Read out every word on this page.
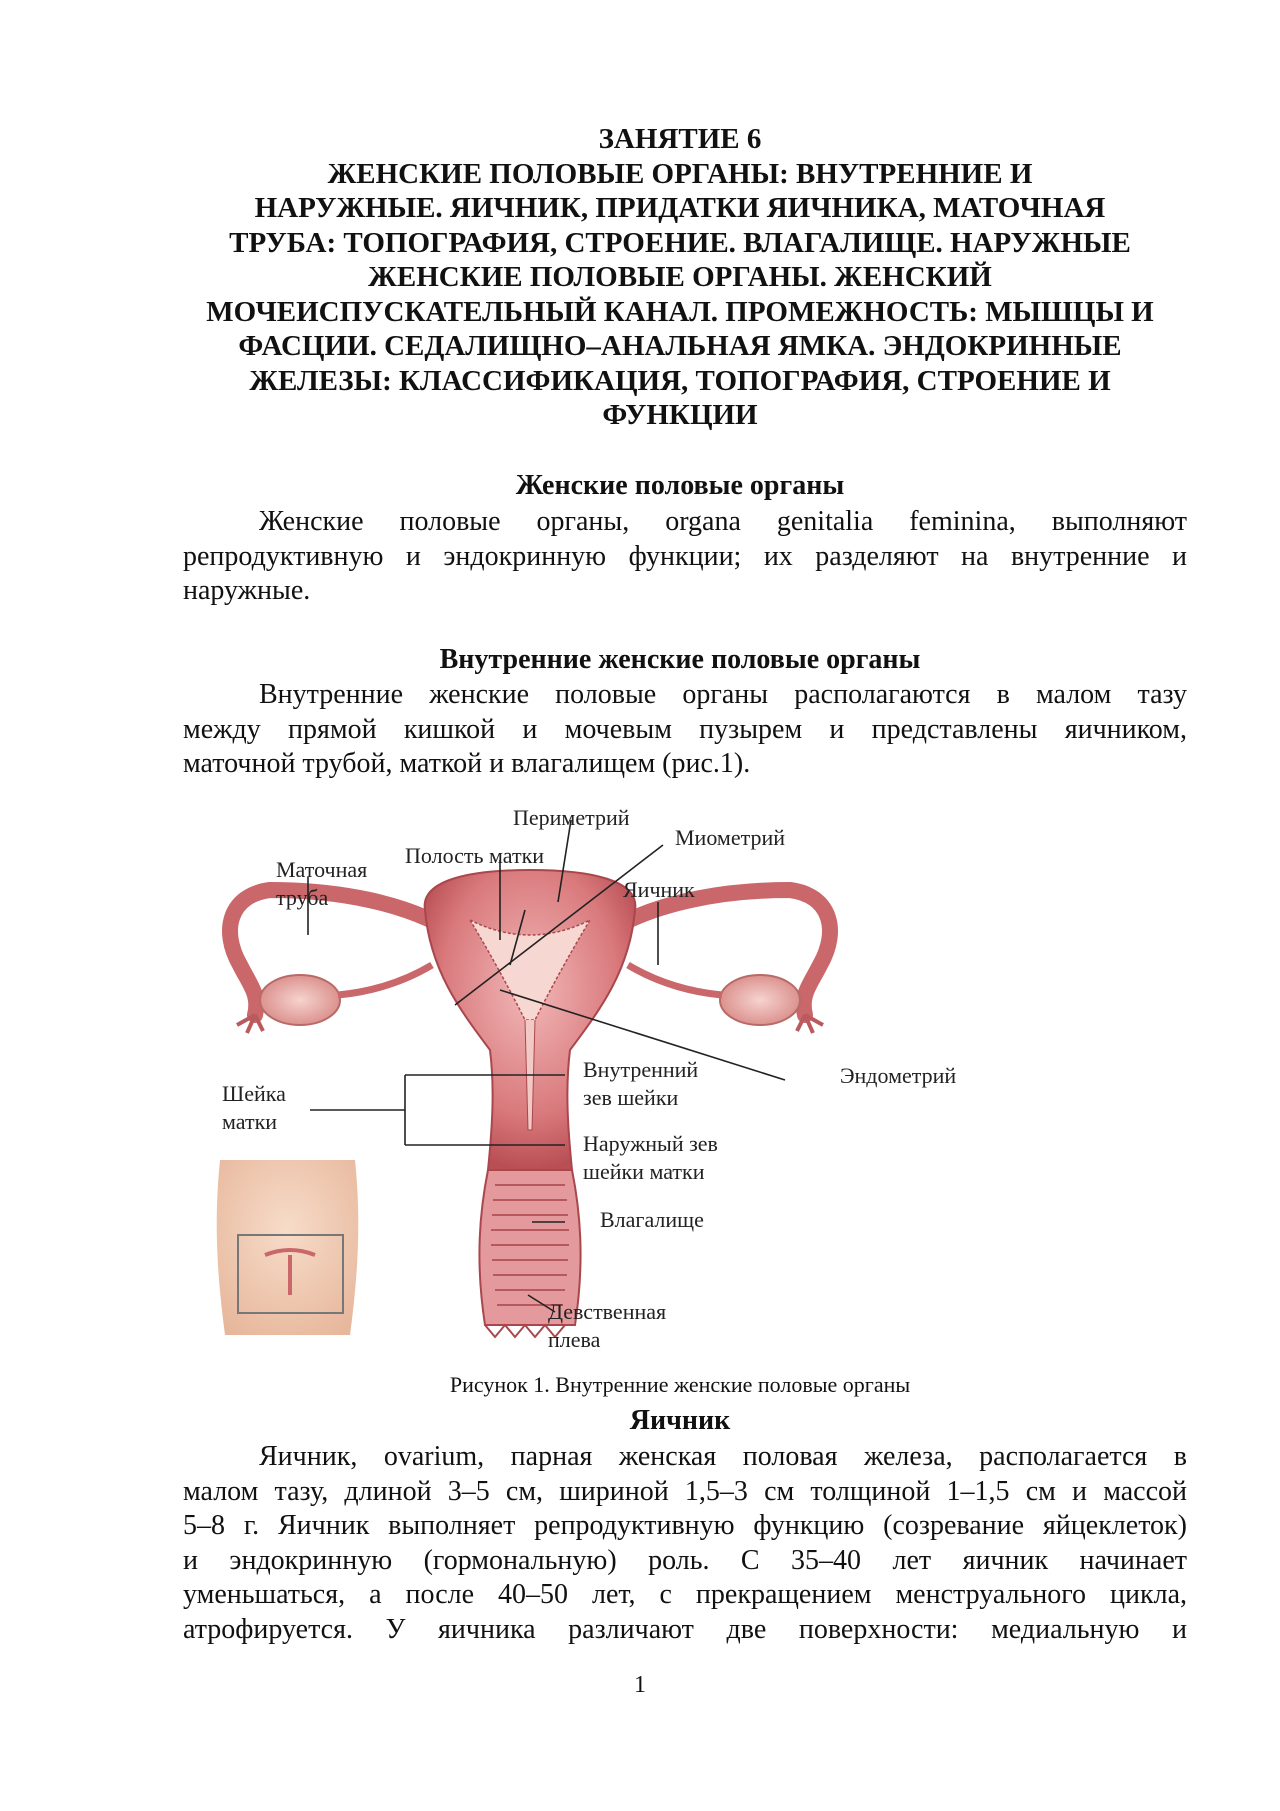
ЗАНЯТИЕ 6
ЖЕНСКИЕ ПОЛОВЫЕ ОРГАНЫ: ВНУТРЕННИЕ И
НАРУЖНЫЕ. ЯИЧНИК, ПРИДАТКИ ЯИЧНИКА, МАТОЧНАЯ
ТРУБА: ТОПОГРАФИЯ, СТРОЕНИЕ. ВЛАГАЛИЩЕ. НАРУЖНЫЕ
ЖЕНСКИЕ ПОЛОВЫЕ ОРГАНЫ. ЖЕНСКИЙ
МОЧЕИСПУСКАТЕЛЬНЫЙ КАНАЛ. ПРОМЕЖНОСТЬ: МЫШЦЫ И
ФАСЦИИ. СЕДАЛИЩНО–АНАЛЬНАЯ ЯМКА. ЭНДОКРИННЫЕ
ЖЕЛЕЗЫ: КЛАССИФИКАЦИЯ, ТОПОГРАФИЯ, СТРОЕНИЕ И
ФУНКЦИИ
Женские половые органы

Женские половые органы, organa genitalia feminina, выполняют
репродуктивную и эндокринную функции; их разделяют на внутренние и
наружные.

Внутренние женские половые органы

Внутренние женские половые органы располагаются в малом тазу
между прямой кишкой и мочевым пузырем и представлены яичником,
маточной трубой, маткой и влагалищем (рис.1).

Периметрий
Миометрий
Полость матки
Маточная
труба	Яичник
Эндометрий
Шейка
матки
Внутренний
зев шейки
Наружный зев
шейки матки
Влагалище
Девственная
плева

Рисунок 1. Внутренние женские половые органы

Яичник

Яичник, ovarium, парная женская половая железа, располагается в
малом тазу, длиной 3–5 см, шириной 1,5–3 см толщиной 1–1,5 см и массой
5–8 г. Яичник выполняет репродуктивную функцию (созревание яйцеклеток)
и эндокринную (гормональную) роль. С 35–40 лет яичник начинает
уменьшаться, а после 40–50 лет, с прекращением менструального цикла,
атрофируется. У яичника различают две поверхности: медиальную и

1
